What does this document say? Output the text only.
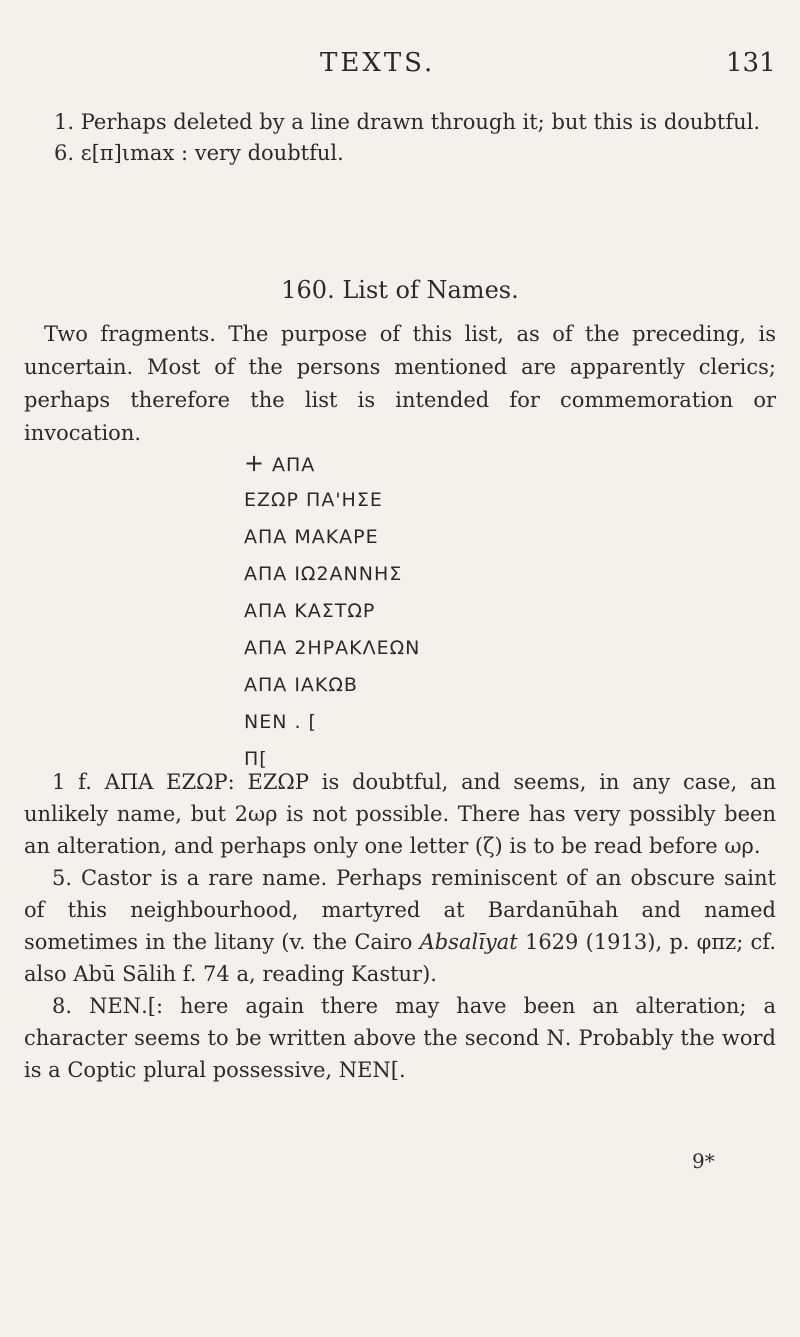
TEXTS.	131

1. Perhaps deleted by a line drawn through it; but this is doubtful.

6. ε[π]ιmax : very doubtful.

160. List of Names.

Two fragments. The purpose of this list, as of the preceding, is uncertain. Most of the persons mentioned are apparently clerics; perhaps therefore the list is intended for commemoration or invocation.

+ ΑΠΑ
ΕΖΩΡ ΠΑ'ΗΣΕ
ΑΠΑ ΜΑΚΑΡΕ
ΑΠΑ ΙΩ2ΑΝΝΗΣ
ΑΠΑ ΚΑΣΤΩΡ
ΑΠΑ 2ΗΡΑΚΛΕΩΝ
ΑΠΑ ΙΑΚΩΒ
ΝΕΝ . [
Π[

1 f. ΑΠΑ ΕΖΩΡ: ΕΖΩΡ is doubtful, and seems, in any case, an unlikely name, but 2ωρ is not possible. There has very possibly been an alteration, and perhaps only one letter (ζ) is to be read before ωρ.

5. Castor is a rare name. Perhaps reminiscent of an obscure saint of this neighbourhood, martyred at Bardanūhah and named sometimes in the litany (v. the Cairo Absalīyat 1629 (1913), p. φπz; cf. also Abū Sālih f. 74 a, reading Kastur).

8. ΝΕΝ.[: here again there may have been an alteration; a character seems to be written above the second Ν. Probably the word is a Coptic plural possessive, ΝΕΝ[.

9*
